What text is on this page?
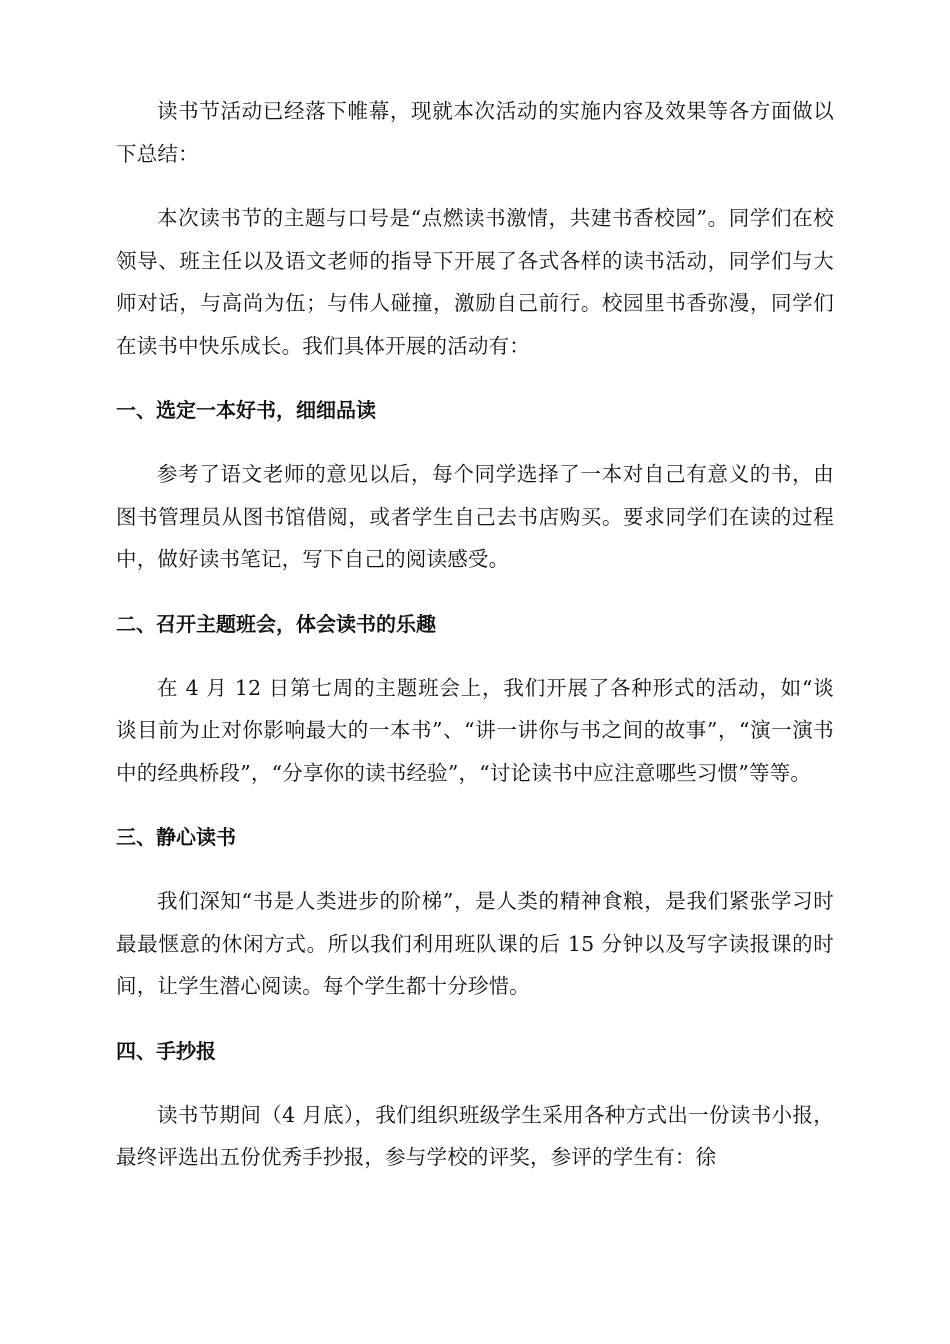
读书节活动已经落下帷幕，现就本次活动的实施内容及效果等各方面做以下总结：

本次读书节的主题与口号是“点燃读书激情，共建书香校园”。同学们在校领导、班主任以及语文老师的指导下开展了各式各样的读书活动，同学们与大师对话，与高尚为伍；与伟人碰撞，激励自己前行。校园里书香弥漫，同学们在读书中快乐成长。我们具体开展的活动有：

一、选定一本好书，细细品读

参考了语文老师的意见以后，每个同学选择了一本对自己有意义的书，由图书管理员从图书馆借阅，或者学生自己去书店购买。要求同学们在读的过程中，做好读书笔记，写下自己的阅读感受。

二、召开主题班会，体会读书的乐趣

在 4 月 12 日第七周的主题班会上，我们开展了各种形式的活动，如“谈谈目前为止对你影响最大的一本书”、“讲一讲你与书之间的故事”，“演一演书中的经典桥段”，“分享你的读书经验”，“讨论读书中应注意哪些习惯”等等。

三、静心读书

我们深知“书是人类进步的阶梯”，是人类的精神食粮，是我们紧张学习时最最惬意的休闲方式。所以我们利用班队课的后 15 分钟以及写字读报课的时间，让学生潜心阅读。每个学生都十分珍惜。

四、手抄报

读书节期间（4 月底），我们组织班级学生采用各种方式出一份读书小报，最终评选出五份优秀手抄报，参与学校的评奖，参评的学生有：徐
